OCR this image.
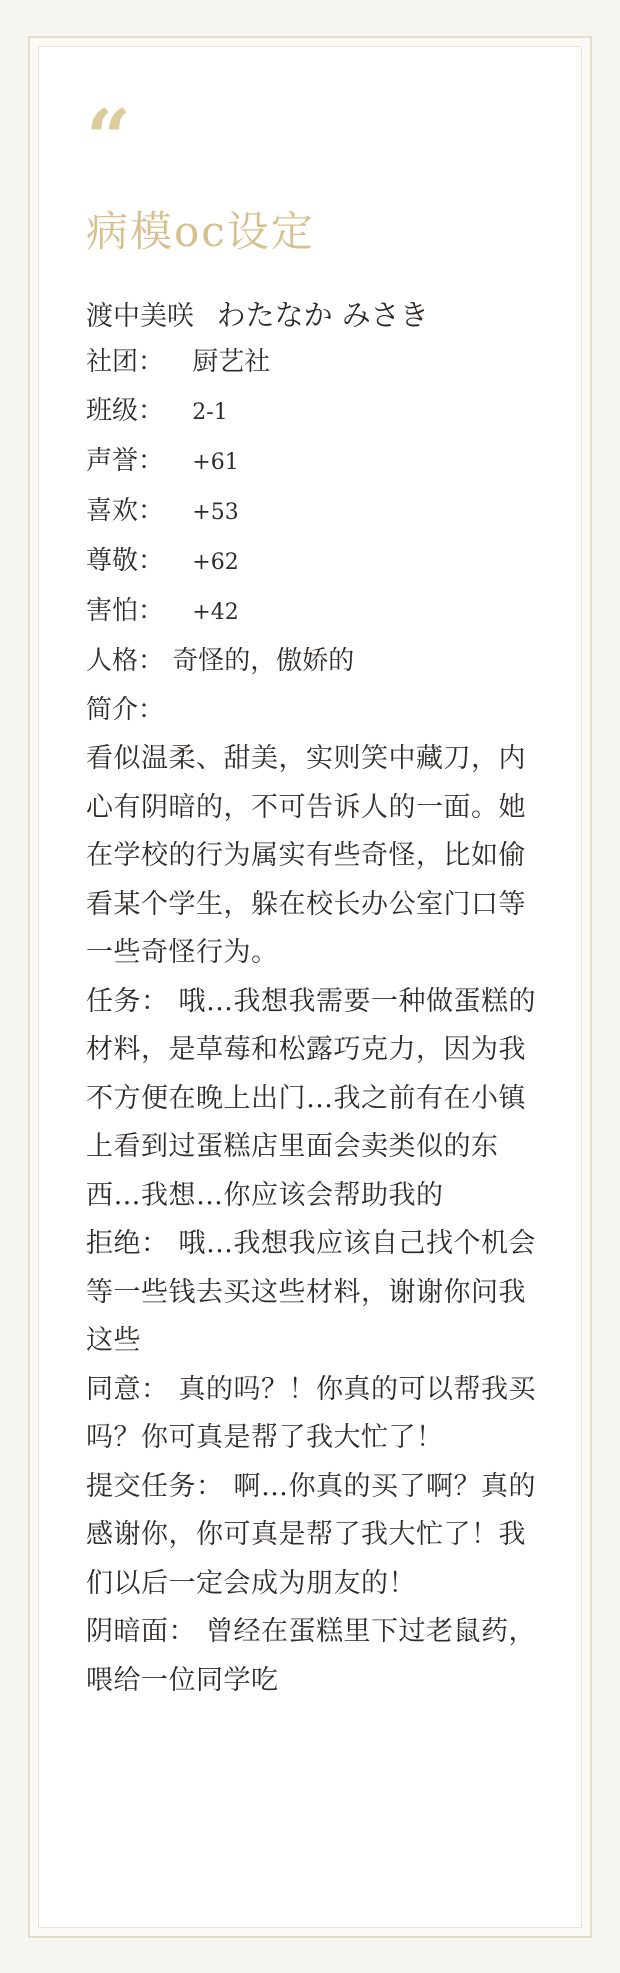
“
病模oc设定
渡中美咲 わたなか みさき
社团： 厨艺社
班级： 2-1
声誉： +61
喜欢： +53
尊敬： +62
害怕： +42
人格： 奇怪的，傲娇的
简介：
看似温柔、甜美，实则笑中藏刀，内心有阴暗的，不可告诉人的一面。她在学校的行为属实有些奇怪，比如偷看某个学生，躲在校长办公室门口等一些奇怪行为。
任务： 哦…我想我需要一种做蛋糕的材料，是草莓和松露巧克力，因为我不方便在晚上出门…我之前有在小镇上看到过蛋糕店里面会卖类似的东西…我想…你应该会帮助我的
拒绝： 哦…我想我应该自己找个机会等一些钱去买这些材料，谢谢你问我这些
同意： 真的吗？！你真的可以帮我买吗？你可真是帮了我大忙了！
提交任务： 啊…你真的买了啊？真的感谢你，你可真是帮了我大忙了！我们以后一定会成为朋友的！
阴暗面： 曾经在蛋糕里下过老鼠药，喂给一位同学吃
